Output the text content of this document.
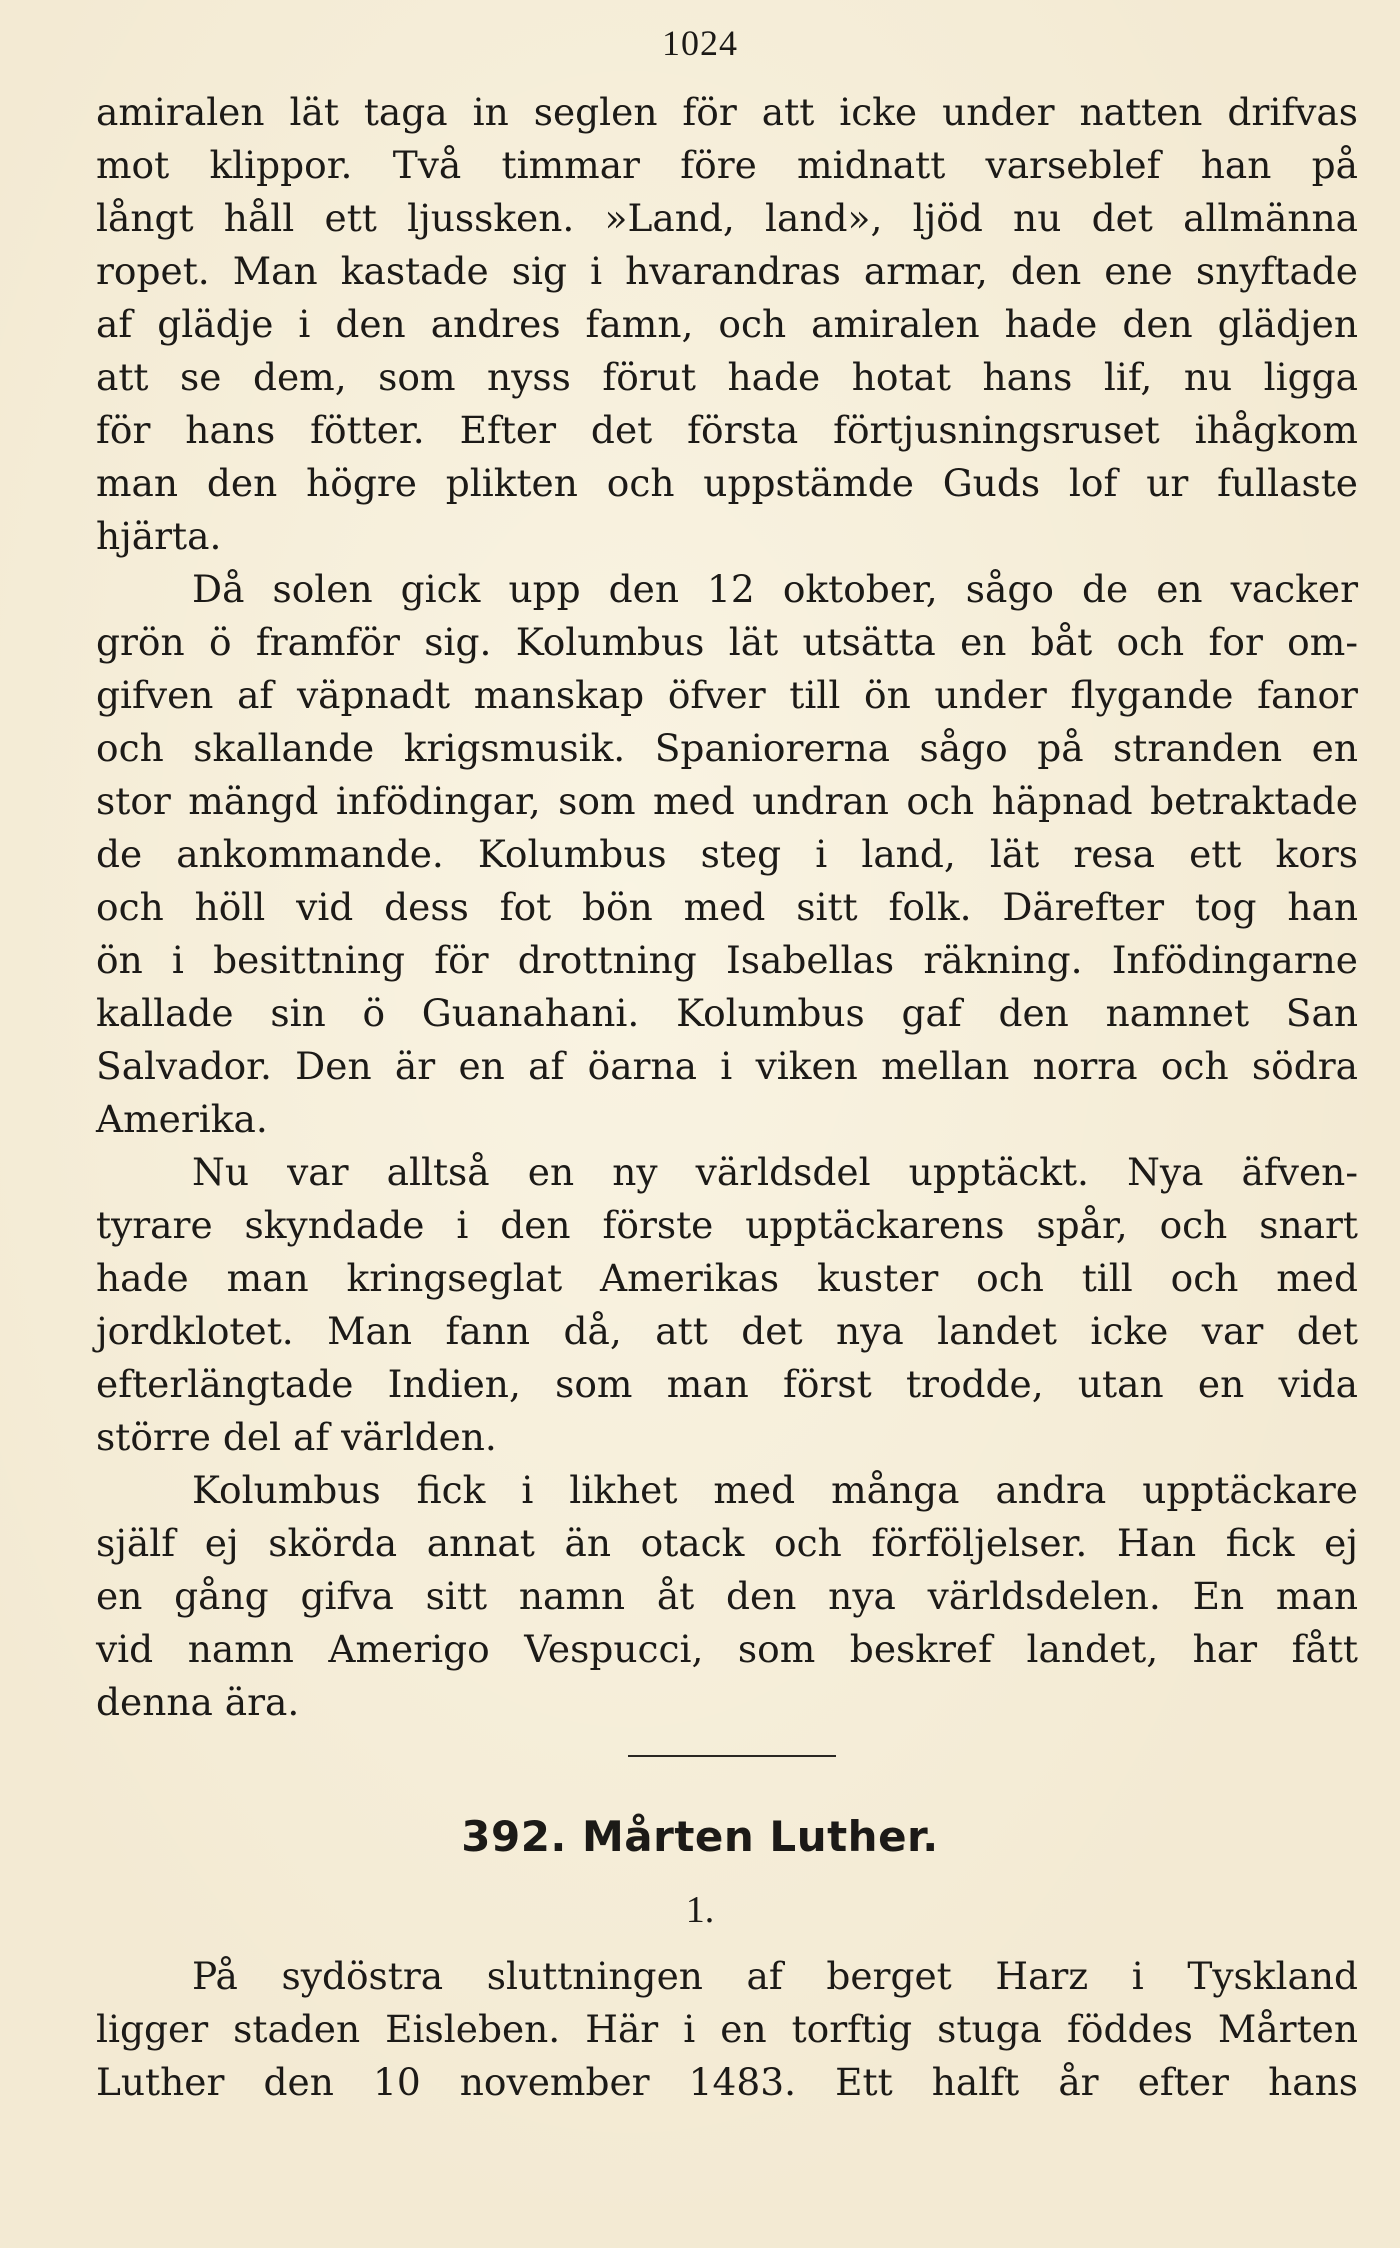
1024
amiralen lät taga in seglen för att icke under natten drifvas
mot klippor. Två timmar före midnatt varseblef han på
långt håll ett ljussken. »Land, land», ljöd nu det allmänna
ropet. Man kastade sig i hvarandras armar, den ene snyftade
af glädje i den andres famn, och amiralen hade den glädjen
att se dem, som nyss förut hade hotat hans lif, nu ligga
för hans fötter. Efter det första förtjusningsruset ihågkom
man den högre plikten och uppstämde Guds lof ur fullaste
hjärta.
Då solen gick upp den 12 oktober, sågo de en vacker
grön ö framför sig. Kolumbus lät utsätta en båt och for om-
gifven af väpnadt manskap öfver till ön under flygande fanor
och skallande krigsmusik. Spaniorerna sågo på stranden en
stor mängd infödingar, som med undran och häpnad betraktade
de ankommande. Kolumbus steg i land, lät resa ett kors
och höll vid dess fot bön med sitt folk. Därefter tog han
ön i besittning för drottning Isabellas räkning. Infödingarne
kallade sin ö Guanahani. Kolumbus gaf den namnet San
Salvador. Den är en af öarna i viken mellan norra och södra
Amerika.
Nu var alltså en ny världsdel upptäckt. Nya äfven-
tyrare skyndade i den förste upptäckarens spår, och snart
hade man kringseglat Amerikas kuster och till och med
jordklotet. Man fann då, att det nya landet icke var det
efterlängtade Indien, som man först trodde, utan en vida
större del af världen.
Kolumbus fick i likhet med många andra upptäckare
själf ej skörda annat än otack och förföljelser. Han fick ej
en gång gifva sitt namn åt den nya världsdelen. En man
vid namn Amerigo Vespucci, som beskref landet, har fått
denna ära.
392. Mårten Luther.
1.
På sydöstra sluttningen af berget Harz i Tyskland
ligger staden Eisleben. Här i en torftig stuga föddes Mårten
Luther den 10 november 1483. Ett halft år efter hans
